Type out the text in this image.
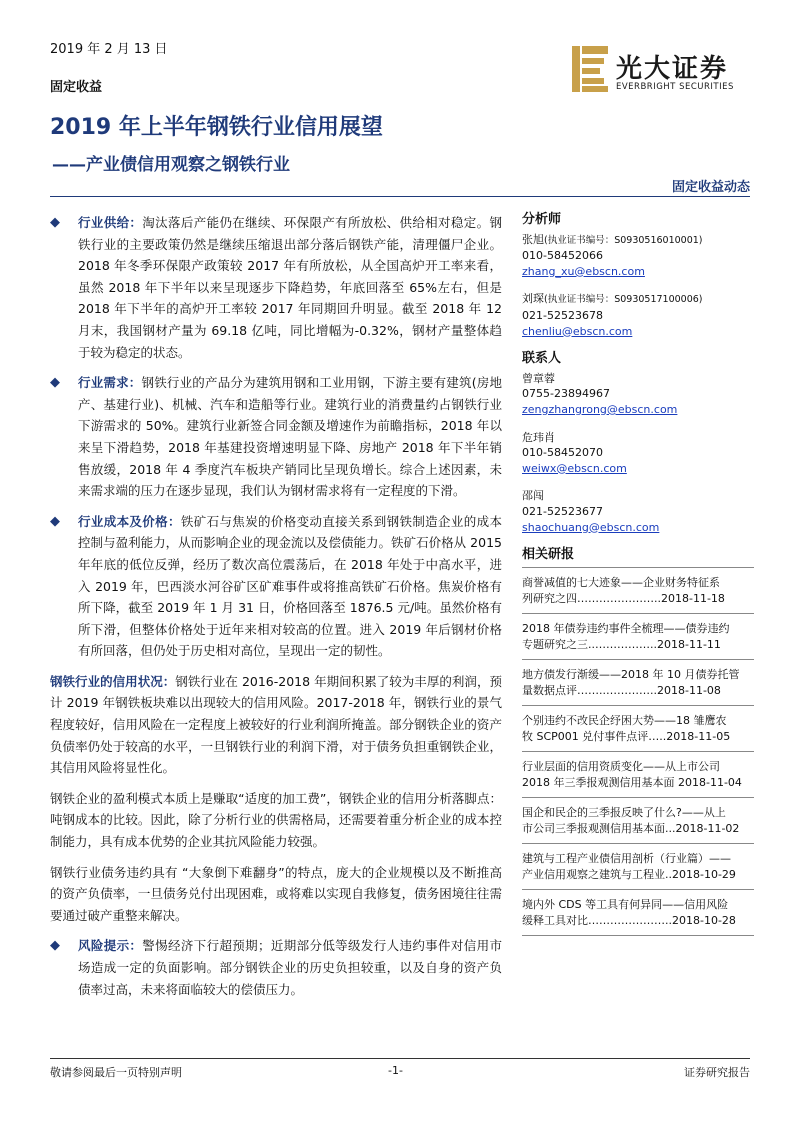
2019 年 2 月 13 日
固定收益
光大证券
EVERBRIGHT SECURITIES
2019 年上半年钢铁行业信用展望
——产业债信用观察之钢铁行业
固定收益动态
◆ 行业供给：淘汰落后产能仍在继续、环保限产有所放松、供给相对稳定。钢铁行业的主要政策仍然是继续压缩退出部分落后钢铁产能，清理僵尸企业。2018 年冬季环保限产政策较 2017 年有所放松，从全国高炉开工率来看，虽然 2018 年下半年以来呈现逐步下降趋势，年底回落至 65%左右，但是 2018 年下半年的高炉开工率较 2017 年同期回升明显。截至 2018 年 12 月末，我国钢材产量为 69.18 亿吨，同比增幅为-0.32%，钢材产量整体趋于较为稳定的状态。
◆ 行业需求：钢铁行业的产品分为建筑用钢和工业用钢，下游主要有建筑(房地产、基建行业)、机械、汽车和造船等行业。建筑行业的消费量约占钢铁行业下游需求的 50%。建筑行业新签合同金额及增速作为前瞻指标，2018 年以来呈下滑趋势，2018 年基建投资增速明显下降、房地产 2018 年下半年销售放缓，2018 年 4 季度汽车板块产销同比呈现负增长。综合上述因素，未来需求端的压力在逐步显现，我们认为钢材需求将有一定程度的下滑。
◆ 行业成本及价格：铁矿石与焦炭的价格变动直接关系到钢铁制造企业的成本控制与盈利能力，从而影响企业的现金流以及偿债能力。铁矿石价格从 2015 年年底的低位反弹，经历了数次高位震荡后，在 2018 年处于中高水平，进入 2019 年，巴西淡水河谷矿区矿难事件或将推高铁矿石价格。焦炭价格有所下降，截至 2019 年 1 月 31 日，价格回落至 1876.5 元/吨。虽然价格有所下滑，但整体价格处于近年来相对较高的位置。进入 2019 年后钢材价格有所回落，但仍处于历史相对高位，呈现出一定的韧性。
钢铁行业的信用状况：钢铁行业在 2016-2018 年期间积累了较为丰厚的利润，预计 2019 年钢铁板块难以出现较大的信用风险。2017-2018 年，钢铁行业的景气程度较好，信用风险在一定程度上被较好的行业利润所掩盖。部分钢铁企业的资产负债率仍处于较高的水平，一旦钢铁行业的利润下滑，对于债务负担重钢铁企业，其信用风险将显性化。
钢铁企业的盈利模式本质上是赚取“适度的加工费”，钢铁企业的信用分析落脚点：吨钢成本的比较。因此，除了分析行业的供需格局，还需要着重分析企业的成本控制能力，具有成本优势的企业其抗风险能力较强。
钢铁行业债务违约具有 “大象倒下难翻身”的特点，庞大的企业规模以及不断推高的资产负债率，一旦债务兑付出现困难，或将难以实现自我修复，债务困境往往需要通过破产重整来解决。
◆ 风险提示：警惕经济下行超预期；近期部分低等级发行人违约事件对信用市场造成一定的负面影响。部分钢铁企业的历史负担较重，以及自身的资产负债率过高，未来将面临较大的偿债压力。
分析师
张旭(执业证书编号：S0930516010001)
010-58452066
zhang_xu@ebscn.com
刘琛(执业证书编号：S0930517100006)
021-52523678
chenliu@ebscn.com
联系人
曾章蓉
0755-23894967
zengzhangrong@ebscn.com
危玮肖
010-58452070
weiwx@ebscn.com
邵闯
021-52523677
shaochuang@ebscn.com
相关研报
商誉减值的七大迹象——企业财务特征系
列研究之四…………………..2018-11-18
2018 年债券违约事件全梳理——债券违约
专题研究之三..……………..2018-11-11
地方债发行渐缓——2018 年 10 月债券托管
量数据点评……..…………..2018-11-08
个别违约不改民企纾困大势——18 雏鹰农
牧 SCP001 兑付事件点评…..2018-11-05
行业层面的信用资质变化——从上市公司
2018 年三季报观测信用基本面 2018-11-04
国企和民企的三季报反映了什么?——从上
市公司三季报观测信用基本面...2018-11-02
建筑与工程产业债信用剖析（行业篇）——
产业信用观察之建筑与工程业..2018-10-29
境内外 CDS 等工具有何异同——信用风险
缓释工具对比…………………..2018-10-28
敬请参阅最后一页特别声明	-1-	证券研究报告
